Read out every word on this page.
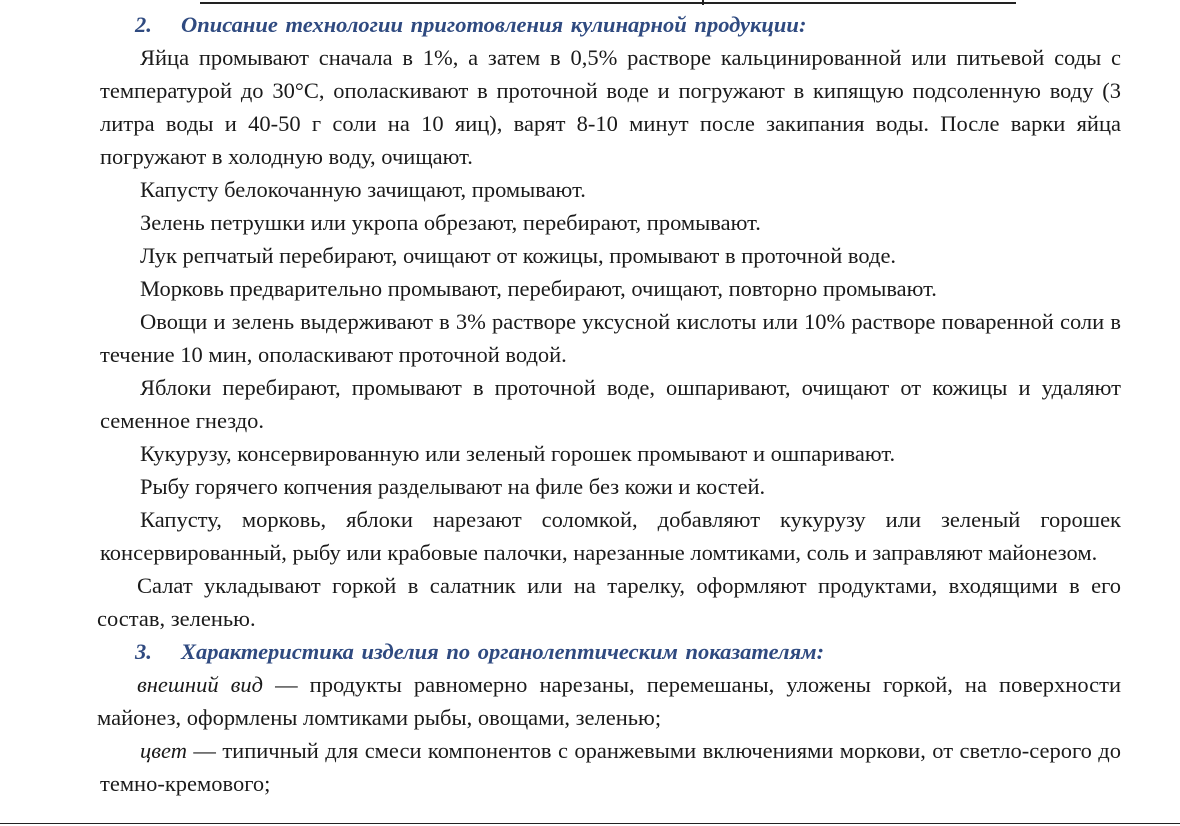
2. Описание технологии приготовления кулинарной продукции:

Яйца промывают сначала в 1%, а затем в 0,5% растворе кальцинированной или питьевой соды с температурой до 30°С, ополаскивают в проточной воде и погружают в кипящую подсоленную воду (3 литра воды и 40-50 г соли на 10 яиц), варят 8-10 минут после закипания воды. После варки яйца погружают в холодную воду, очищают.

Капусту белокочанную зачищают, промывают.

Зелень петрушки или укропа обрезают, перебирают, промывают.

Лук репчатый перебирают, очищают от кожицы, промывают в проточной воде.

Морковь предварительно промывают, перебирают, очищают, повторно промывают.

Овощи и зелень выдерживают в 3% растворе уксусной кислоты или 10% растворе поваренной соли в течение 10 мин, ополаскивают проточной водой.

Яблоки перебирают, промывают в проточной воде, ошпаривают, очищают от кожицы и удаляют семенное гнездо.

Кукурузу, консервированную или зеленый горошек промывают и ошпаривают.

Рыбу горячего копчения разделывают на филе без кожи и костей.

Капусту, морковь, яблоки нарезают соломкой, добавляют кукурузу или зеленый горошек консервированный, рыбу или крабовые палочки, нарезанные ломтиками, соль и заправляют майонезом.

Салат укладывают горкой в салатник или на тарелку, оформляют продуктами, входящими в его состав, зеленью.

3. Характеристика изделия по органолептическим показателям:

внешний вид — продукты равномерно нарезаны, перемешаны, уложены горкой, на поверхности майонез, оформлены ломтиками рыбы, овощами, зеленью;

цвет — типичный для смеси компонентов с оранжевыми включениями моркови, от светло-серого до темно-кремового;
